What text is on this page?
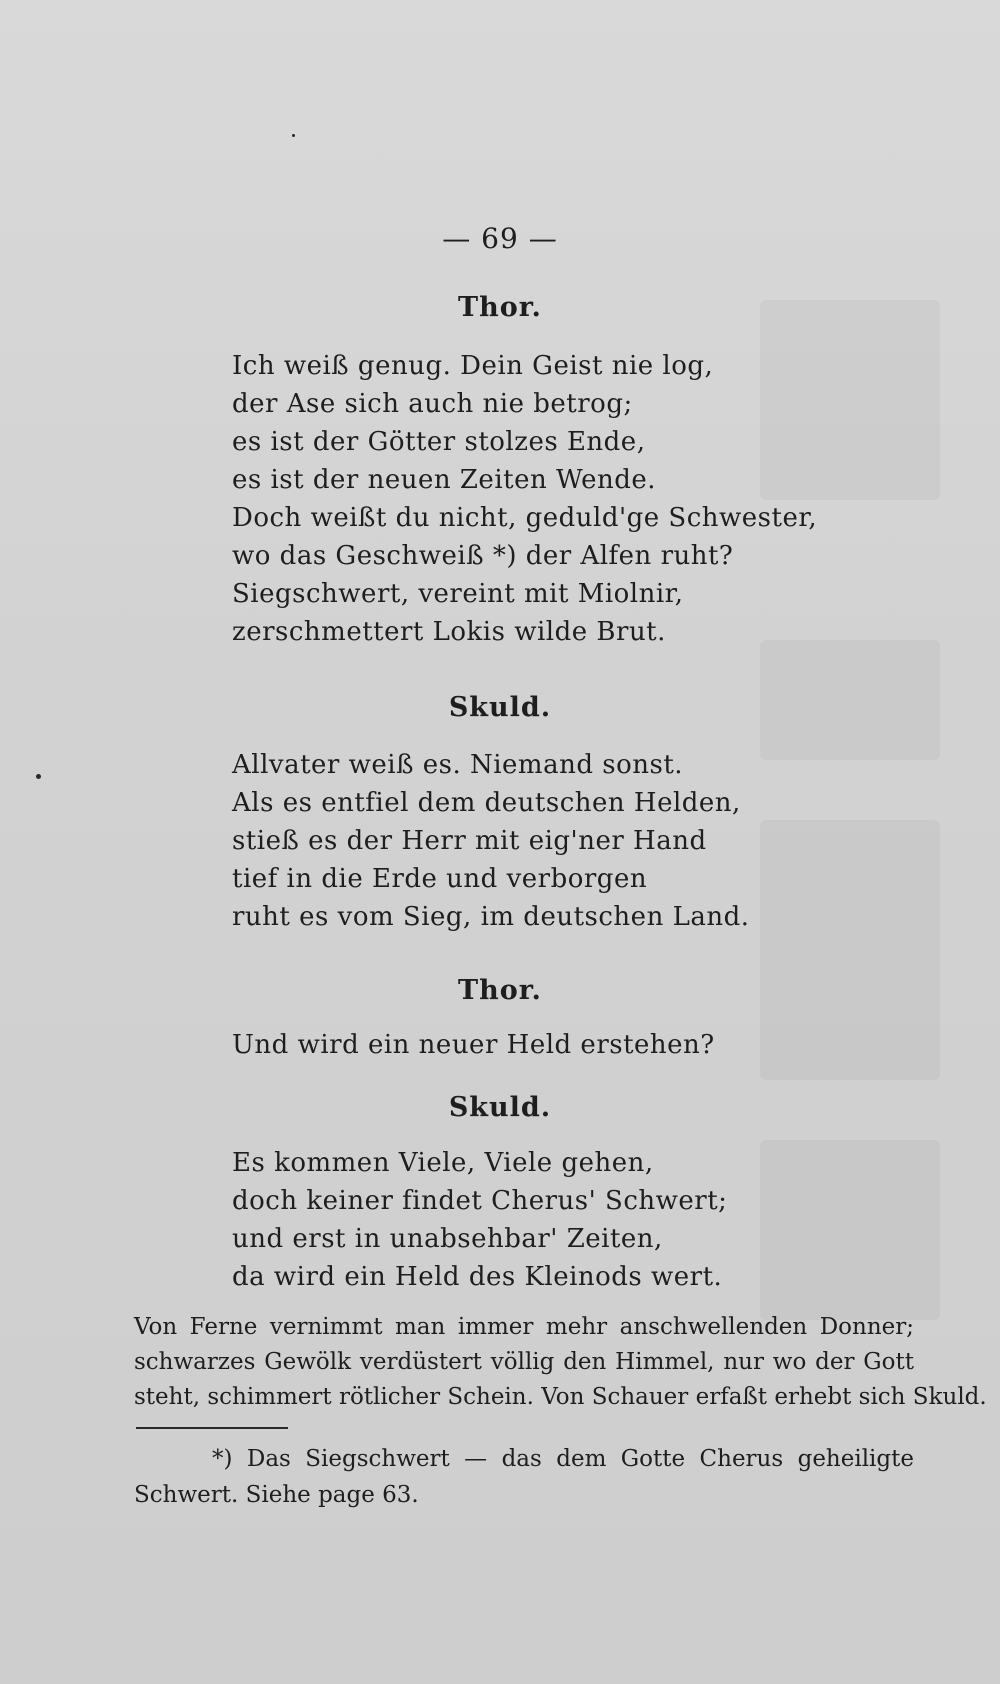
— 69 —
Thor.
Ich weiß genug. Dein Geist nie log,
der Ase sich auch nie betrog;
es ist der Götter stolzes Ende,
es ist der neuen Zeiten Wende.
Doch weißt du nicht, geduld'ge Schwester,
wo das Geschweiß *) der Alfen ruht?
Siegschwert, vereint mit Miolnir,
zerschmettert Lokis wilde Brut.
Skuld.
Allvater weiß es. Niemand sonst.
Als es entfiel dem deutschen Helden,
stieß es der Herr mit eig'ner Hand
tief in die Erde und verborgen
ruht es vom Sieg, im deutschen Land.
Thor.
Und wird ein neuer Held erstehen?
Skuld.
Es kommen Viele, Viele gehen,
doch keiner findet Cherus' Schwert;
und erst in unabsehbar' Zeiten,
da wird ein Held des Kleinods wert.
Von Ferne vernimmt man immer mehr anschwellenden Donner;
schwarzes Gewölk verdüstert völlig den Himmel, nur wo der Gott
steht, schimmert rötlicher Schein. Von Schauer erfaßt erhebt sich Skuld.
*) Das Siegschwert — das dem Gotte Cherus geheiligte
Schwert. Siehe page 63.
